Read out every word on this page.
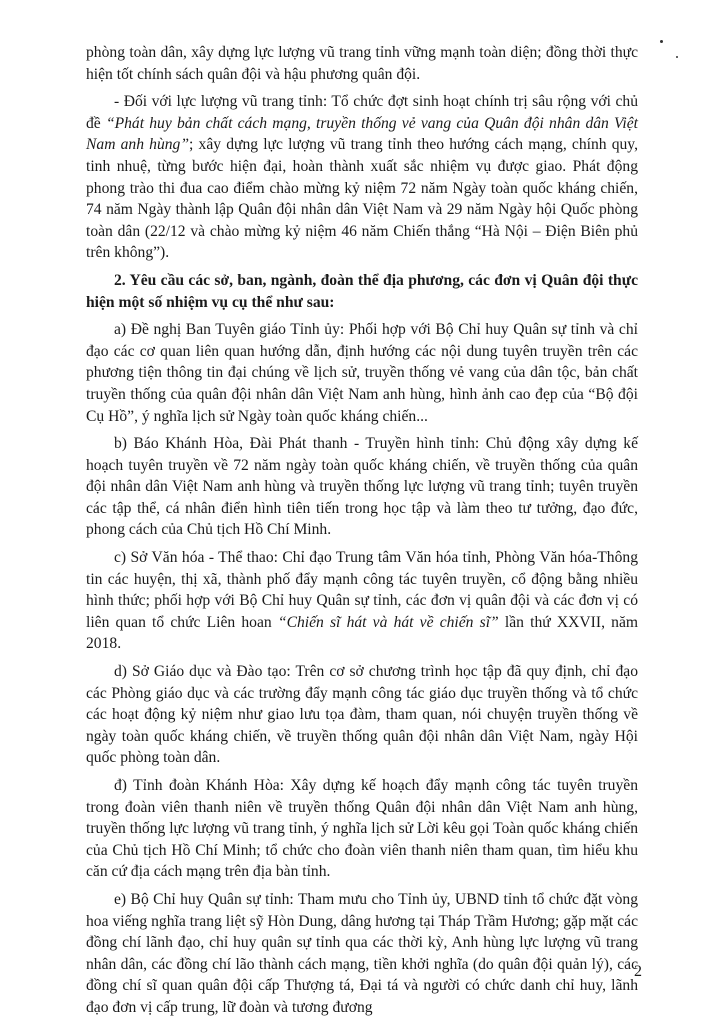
phòng toàn dân, xây dựng lực lượng vũ trang tỉnh vững mạnh toàn diện; đồng thời thực hiện tốt chính sách quân đội và hậu phương quân đội.

- Đối với lực lượng vũ trang tỉnh: Tổ chức đợt sinh hoạt chính trị sâu rộng với chủ đề “Phát huy bản chất cách mạng, truyền thống vẻ vang của Quân đội nhân dân Việt Nam anh hùng”; xây dựng lực lượng vũ trang tỉnh theo hướng cách mạng, chính quy, tinh nhuệ, từng bước hiện đại, hoàn thành xuất sắc nhiệm vụ được giao. Phát động phong trào thi đua cao điểm chào mừng kỷ niệm 72 năm Ngày toàn quốc kháng chiến, 74 năm Ngày thành lập Quân đội nhân dân Việt Nam và 29 năm Ngày hội Quốc phòng toàn dân (22/12 và chào mừng kỷ niệm 46 năm Chiến thắng “Hà Nội – Điện Biên phủ trên không”).

2. Yêu cầu các sở, ban, ngành, đoàn thể địa phương, các đơn vị Quân đội thực hiện một số nhiệm vụ cụ thể như sau:

a) Đề nghị Ban Tuyên giáo Tỉnh ủy: Phối hợp với Bộ Chỉ huy Quân sự tỉnh và chỉ đạo các cơ quan liên quan hướng dẫn, định hướng các nội dung tuyên truyền trên các phương tiện thông tin đại chúng về lịch sử, truyền thống vẻ vang của dân tộc, bản chất truyền thống của quân đội nhân dân Việt Nam anh hùng, hình ảnh cao đẹp của “Bộ đội Cụ Hồ”, ý nghĩa lịch sử Ngày toàn quốc kháng chiến...

b) Báo Khánh Hòa, Đài Phát thanh - Truyền hình tỉnh: Chủ động xây dựng kế hoạch tuyên truyền về 72 năm ngày toàn quốc kháng chiến, về truyền thống của quân đội nhân dân Việt Nam anh hùng và truyền thống lực lượng vũ trang tỉnh; tuyên truyền các tập thể, cá nhân điển hình tiên tiến trong học tập và làm theo tư tưởng, đạo đức, phong cách của Chủ tịch Hồ Chí Minh.

c) Sở Văn hóa - Thể thao: Chỉ đạo Trung tâm Văn hóa tỉnh, Phòng Văn hóa-Thông tin các huyện, thị xã, thành phố đẩy mạnh công tác tuyên truyền, cổ động bằng nhiều hình thức; phối hợp với Bộ Chỉ huy Quân sự tỉnh, các đơn vị quân đội và các đơn vị có liên quan tổ chức Liên hoan “Chiến sĩ hát và hát về chiến sĩ” lần thứ XXVII, năm 2018.

d) Sở Giáo dục và Đào tạo: Trên cơ sở chương trình học tập đã quy định, chỉ đạo các Phòng giáo dục và các trường đẩy mạnh công tác giáo dục truyền thống và tổ chức các hoạt động kỷ niệm như giao lưu tọa đàm, tham quan, nói chuyện truyền thống về ngày toàn quốc kháng chiến, về truyền thống quân đội nhân dân Việt Nam, ngày Hội quốc phòng toàn dân.

đ) Tỉnh đoàn Khánh Hòa: Xây dựng kế hoạch đẩy mạnh công tác tuyên truyền trong đoàn viên thanh niên về truyền thống Quân đội nhân dân Việt Nam anh hùng, truyền thống lực lượng vũ trang tỉnh, ý nghĩa lịch sử Lời kêu gọi Toàn quốc kháng chiến của Chủ tịch Hồ Chí Minh; tổ chức cho đoàn viên thanh niên tham quan, tìm hiểu khu căn cứ địa cách mạng trên địa bàn tỉnh.

e) Bộ Chỉ huy Quân sự tỉnh: Tham mưu cho Tỉnh ủy, UBND tỉnh tổ chức đặt vòng hoa viếng nghĩa trang liệt sỹ Hòn Dung, dâng hương tại Tháp Trầm Hương; gặp mặt các đồng chí lãnh đạo, chỉ huy quân sự tỉnh qua các thời kỳ, Anh hùng lực lượng vũ trang nhân dân, các đồng chí lão thành cách mạng, tiền khởi nghĩa (do quân đội quản lý), các đồng chí sĩ quan quân đội cấp Thượng tá, Đại tá và người có chức danh chỉ huy, lãnh đạo đơn vị cấp trung, lữ đoàn và tương đương

2
